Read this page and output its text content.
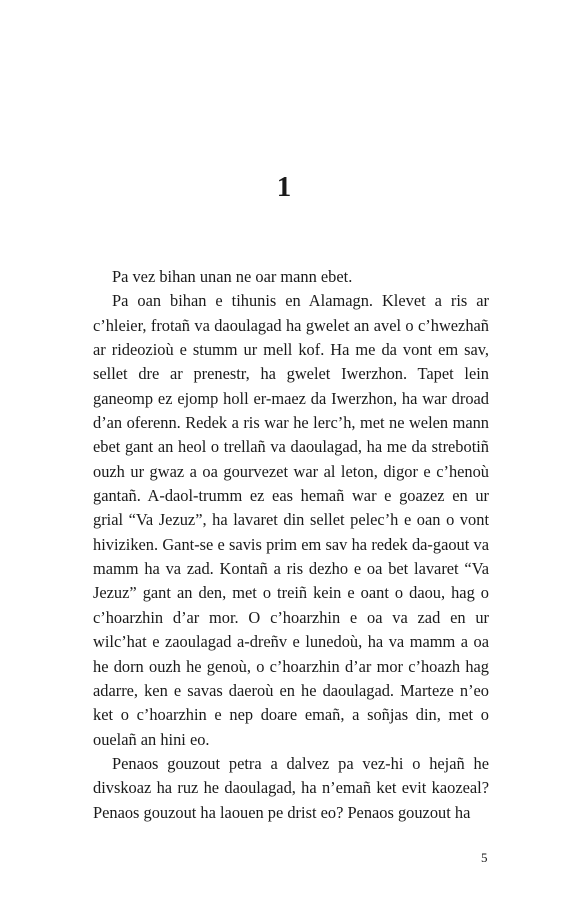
1

Pa vez bihan unan ne oar mann ebet.

Pa oan bihan e tihunis en Alamagn. Klevet a ris ar c’hleier, frotañ va daoulagad ha gwelet an avel o c’hwezhañ ar rideozioù e stumm ur mell kof. Ha me da vont em sav, sellet dre ar prenestr, ha gwelet Iwerzhon. Tapet lein ganeomp ez ejomp holl er-maez da Iwerzhon, ha war droad d’an oferenn. Redek a ris war he lerc’h, met ne welen mann ebet gant an heol o trellañ va daoulagad, ha me da strebotiñ ouzh ur gwaz a oa gourvezet war al leton, digor e c’henoù gantañ. A-daol-trumm ez eas hemañ war e goazez en ur grial “Va Jezuz”, ha lavaret din sellet pelec’h e oan o vont hiviziken. Gant-se e savis prim em sav ha redek da-gaout va mamm ha va zad. Kontañ a ris dezho e oa bet lavaret “Va Jezuz” gant an den, met o treiñ kein e oant o daou, hag o c’hoarzhin d’ar mor. O c’hoarzhin e oa va zad en ur wilc’hat e zaoulagad a-dreñv e lunedoù, ha va mamm a oa he dorn ouzh he genoù, o c’hoarzhin d’ar mor c’hoazh hag adarre, ken e savas daeroù en he daoulagad. Marteze n’eo ket o c’hoarzhin e nep doare emañ, a soñjas din, met o ouelañ an hini eo.

Penaos gouzout petra a dalvez pa vez-hi o hejañ he divskoaz ha ruz he daoulagad, ha n’emañ ket evit kaozeal? Penaos gouzout ha laouen pe drist eo? Penaos gouzout ha

5
